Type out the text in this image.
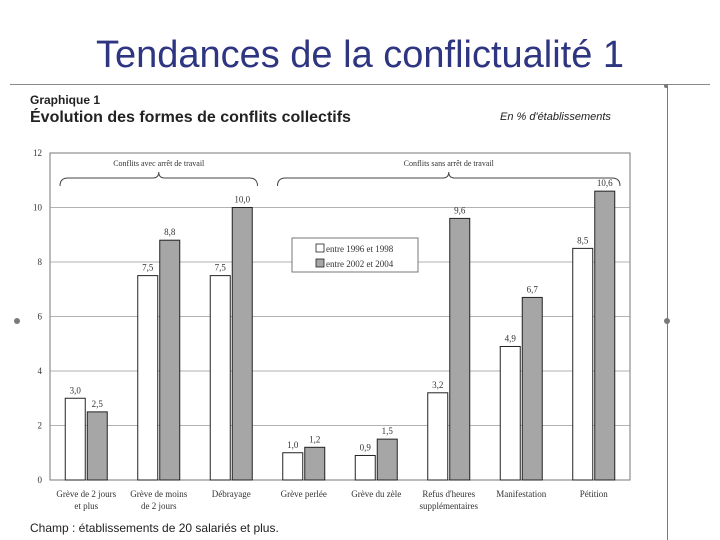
Tendances de la conflictualité 1
Graphique 1
Évolution des formes de conflits collectifs	En % d'établissements
Champ : établissements de 20 salariés et plus.
0
2
4
6
8
10
12
3,0
7,5	7,5
1,0	0,9
3,2
4,9
8,5
2,5
8,8
10,0
1,2
1,5
9,6
6,7
10,6
Grève de 2 jours
et plus
Grève de moins
de 2 jours
Débrayage	Grève perlée	Grève du zèle Refus d'heures
supplémentaires
Manifestation	Pétition
Conflits avec arrêt de travail	Conflits sans arrêt de travail
entre 1996 et 1998
entre 2002 et 2004
